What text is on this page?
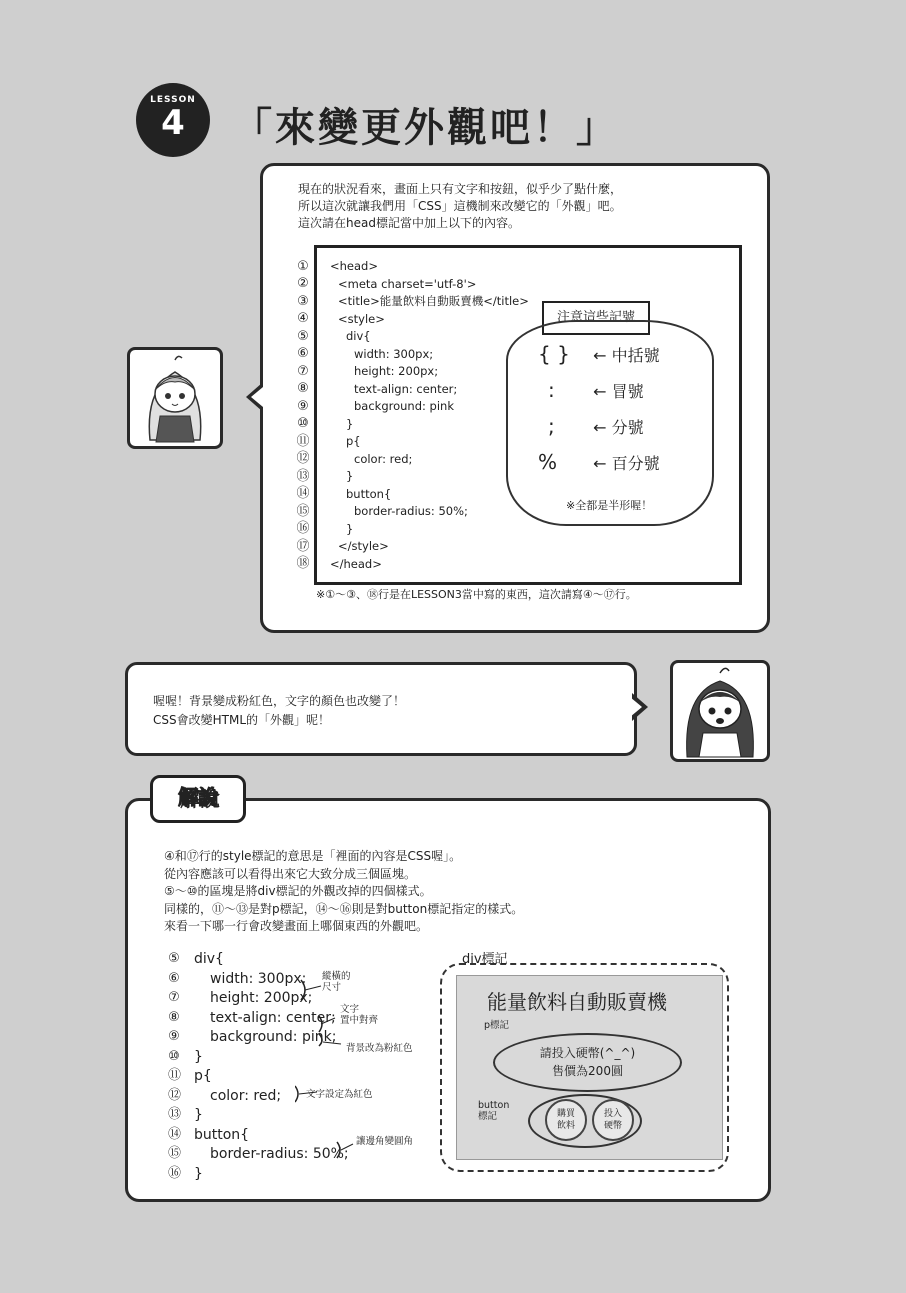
LESSON
4	「來變更外觀吧！」
現在的狀況看來，畫面上只有文字和按鈕，似乎少了點什麼，
所以這次就讓我們用「CSS」這機制來改變它的「外觀」吧。
這次請在head標記當中加上以下的內容。
① <head>
②	<meta charset='utf-8'>
③	<title>能量飲料自動販賣機</title>
④	<style>
⑤	div{
⑥	width: 300px;
⑦	height: 200px;
⑧	text-align: center;
⑨	background: pink
⑩	}
⑪	p{
⑫	color: red;
⑬	}
⑭	button{
⑮	border-radius: 50%;
⑯	}
⑰ </style>
⑱ </head>
注意這些記號
{ } ← 中括號
: ← 冒號
; ← 分號
% ← 百分號
※全都是半形喔！
※①〜③、⑱行是在LESSON3當中寫的東西，這次請寫④〜⑰行。
喔喔！背景變成粉紅色，文字的顏色也改變了！
CSS會改變HTML的「外觀」呢！
解說
④和⑰行的style標記的意思是「裡面的內容是CSS喔」。
從內容應該可以看得出來它大致分成三個區塊。
⑤〜⑩的區塊是將div標記的外觀改掉的四個樣式。
同樣的，⑪〜⑬是對p標記，⑭〜⑯則是對button標記指定的樣式。
來看一下哪一行會改變畫面上哪個東西的外觀吧。
⑤ div{
⑥ width: 300px;
⑦ height: 200px;
⑧ text-align: center;
⑨ background: pink;
⑩ }
⑪ p{
⑫ color: red;
⑬ }
⑭ button{
⑮ border-radius: 50%;
⑯ }
縱橫的
尺寸
文字
置中對齊
背景改為粉紅色
文字設定為紅色
讓邊角變圓角
div標記
能量飲料自動販賣機
p標記
請投入硬幣(^_^)
售價為200圓
button
標記	購買
飲料
投入
硬幣
